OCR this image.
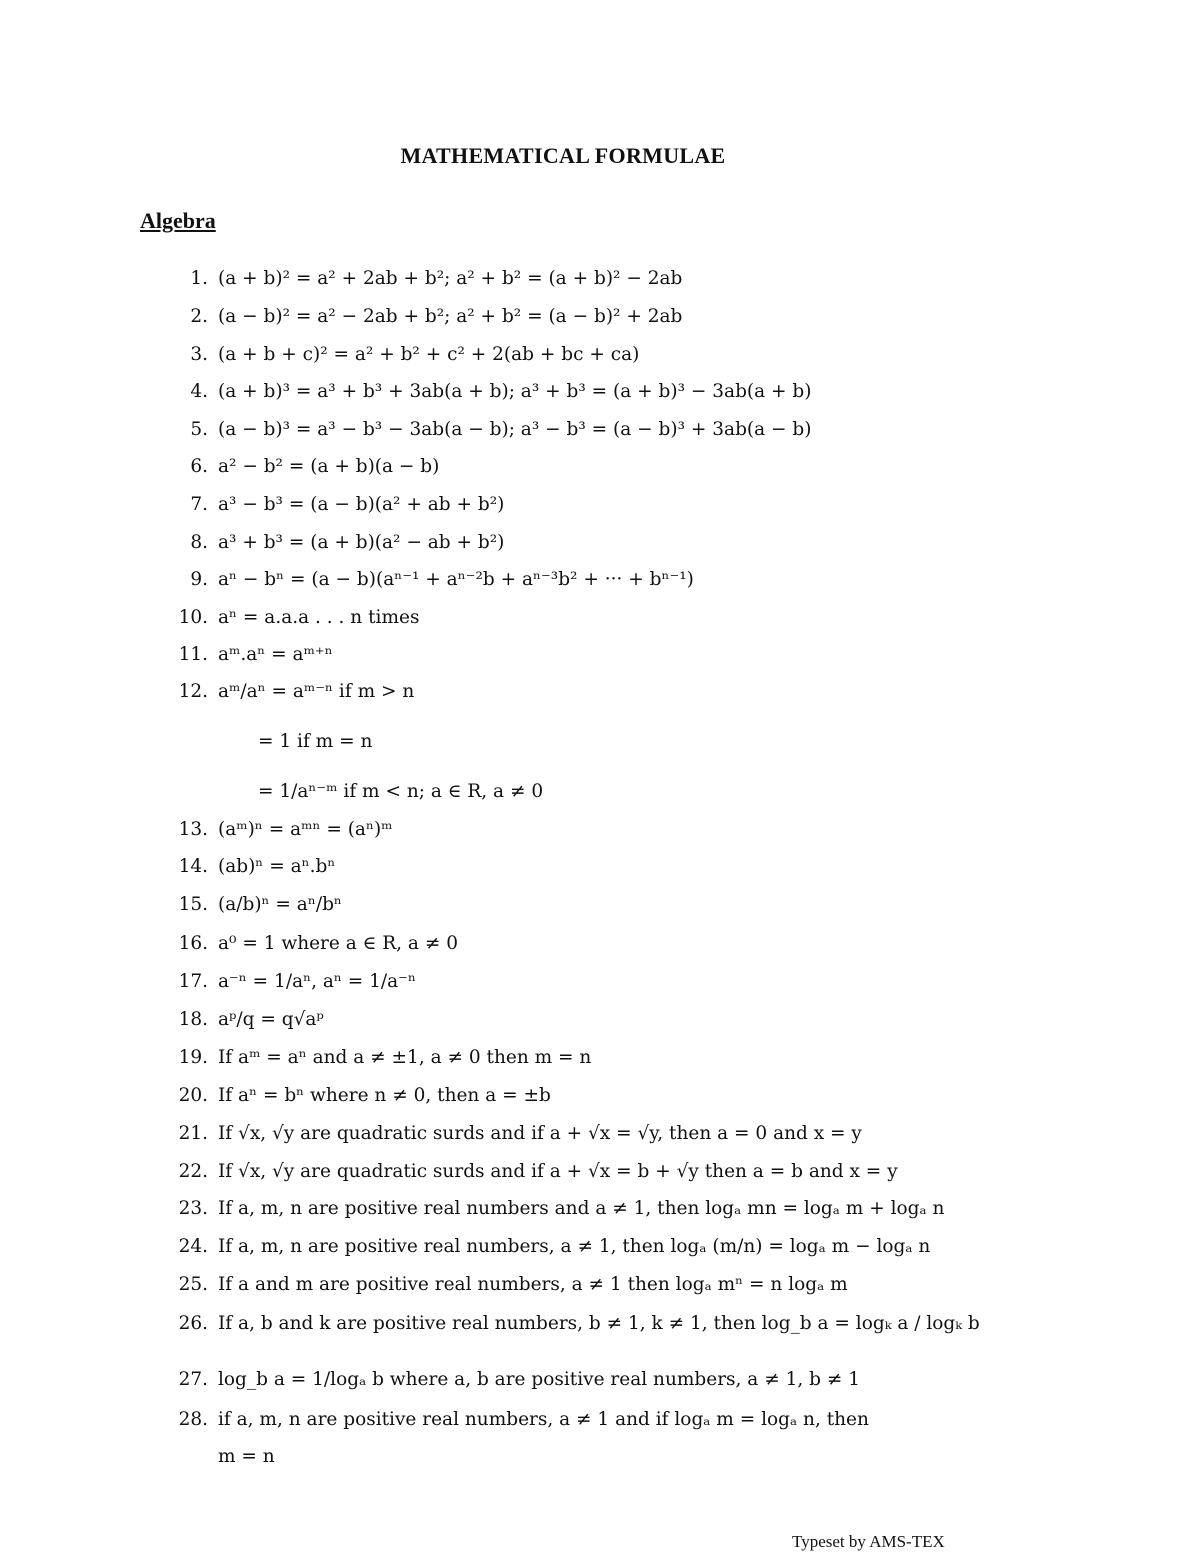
MATHEMATICAL FORMULAE
Algebra
1. (a + b)² = a² + 2ab + b²; a² + b² = (a + b)² − 2ab
2. (a − b)² = a² − 2ab + b²; a² + b² = (a − b)² + 2ab
3. (a + b + c)² = a² + b² + c² + 2(ab + bc + ca)
4. (a + b)³ = a³ + b³ + 3ab(a + b); a³ + b³ = (a + b)³ − 3ab(a + b)
5. (a − b)³ = a³ − b³ − 3ab(a − b); a³ − b³ = (a − b)³ + 3ab(a − b)
6. a² − b² = (a + b)(a − b)
7. a³ − b³ = (a − b)(a² + ab + b²)
8. a³ + b³ = (a + b)(a² − ab + b²)
9. aⁿ − bⁿ = (a − b)(aⁿ⁻¹ + aⁿ⁻²b + aⁿ⁻³b² + ··· + bⁿ⁻¹)
10. aⁿ = a.a.a . . . n times
11. aᵐ.aⁿ = aᵐ⁺ⁿ
12. aᵐ/aⁿ = aᵐ⁻ⁿ if m > n
13. (aᵐ)ⁿ = aᵐⁿ = (aⁿ)ᵐ
14. (ab)ⁿ = aⁿ.bⁿ
15. (a/b)ⁿ = aⁿ/bⁿ
16. a⁰ = 1 where a ∈ R, a ≠ 0
17. a⁻ⁿ = 1/aⁿ, aⁿ = 1/a⁻ⁿ
18. aᵖ/q = q√aᵖ
19. If aᵐ = aⁿ and a ≠ ±1, a ≠ 0 then m = n
20. If aⁿ = bⁿ where n ≠ 0, then a = ±b
21. If √x, √y are quadratic surds and if a + √x = √y, then a = 0 and x = y
22. If √x, √y are quadratic surds and if a + √x = b + √y then a = b and x = y
23. If a, m, n are positive real numbers and a ≠ 1, then logₐ mn = logₐ m + logₐ n
24. If a, m, n are positive real numbers, a ≠ 1, then logₐ (m/n) = logₐ m − logₐ n
25. If a and m are positive real numbers, a ≠ 1 then logₐ mⁿ = n logₐ m
26. If a, b and k are positive real numbers, b ≠ 1, k ≠ 1, then log_b a = logₖ a / logₖ b
27. log_b a = 1/logₐ b where a, b are positive real numbers, a ≠ 1, b ≠ 1
28. if a, m, n are positive real numbers, a ≠ 1 and if logₐ m = logₐ n, then
= 1 if m = n
= 1/aⁿ⁻ᵐ if m < n; a ∈ R, a ≠ 0
m = n
Typeset by AMS-TEX
